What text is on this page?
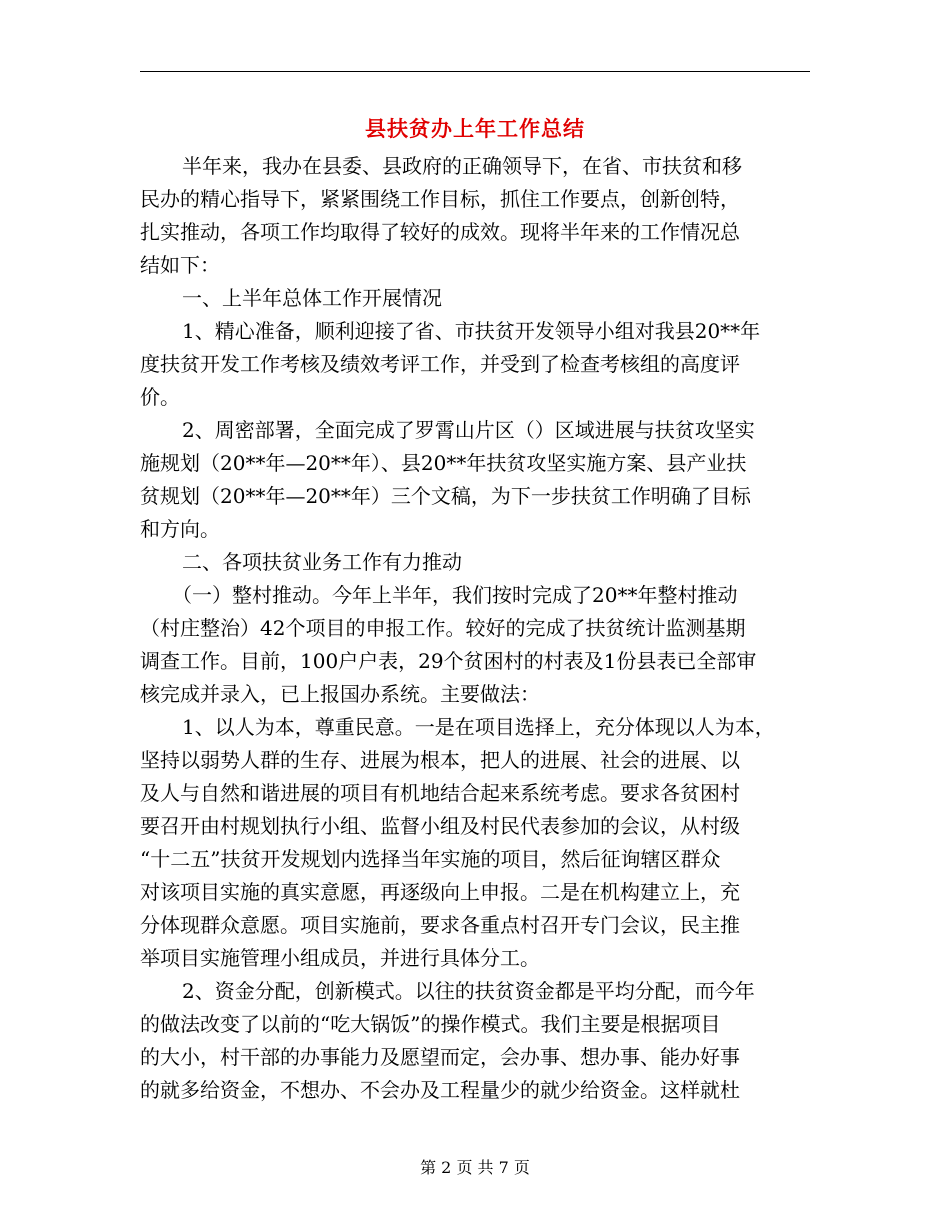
县扶贫办上年工作总结
半年来，我办在县委、县政府的正确领导下，在省、市扶贫和移
民办的精心指导下，紧紧围绕工作目标，抓住工作要点，创新创特，
扎实推动，各项工作均取得了较好的成效。现将半年来的工作情况总
结如下：
一、上半年总体工作开展情况
1、精心准备，顺利迎接了省、市扶贫开发领导小组对我县20**年
度扶贫开发工作考核及绩效考评工作，并受到了检查考核组的高度评
价。
2、周密部署，全面完成了罗霄山片区（）区域进展与扶贫攻坚实
施规划（20**年—20**年）、县20**年扶贫攻坚实施方案、县产业扶
贫规划（20**年—20**年）三个文稿，为下一步扶贫工作明确了目标
和方向。
二、各项扶贫业务工作有力推动
（一）整村推动。今年上半年，我们按时完成了20**年整村推动
（村庄整治）42个项目的申报工作。较好的完成了扶贫统计监测基期
调查工作。目前，100户户表，29个贫困村的村表及1份县表已全部审
核完成并录入，已上报国办系统。主要做法：
1、以人为本，尊重民意。一是在项目选择上，充分体现以人为本，
坚持以弱势人群的生存、进展为根本，把人的进展、社会的进展、以
及人与自然和谐进展的项目有机地结合起来系统考虑。要求各贫困村
要召开由村规划执行小组、监督小组及村民代表参加的会议，从村级
“十二五”扶贫开发规划内选择当年实施的项目，然后征询辖区群众
对该项目实施的真实意愿，再逐级向上申报。二是在机构建立上，充
分体现群众意愿。项目实施前，要求各重点村召开专门会议，民主推
举项目实施管理小组成员，并进行具体分工。
2、资金分配，创新模式。以往的扶贫资金都是平均分配，而今年
的做法改变了以前的“吃大锅饭”的操作模式。我们主要是根据项目
的大小，村干部的办事能力及愿望而定，会办事、想办事、能办好事
的就多给资金，不想办、不会办及工程量少的就少给资金。这样就杜
第 2 页 共 7 页
